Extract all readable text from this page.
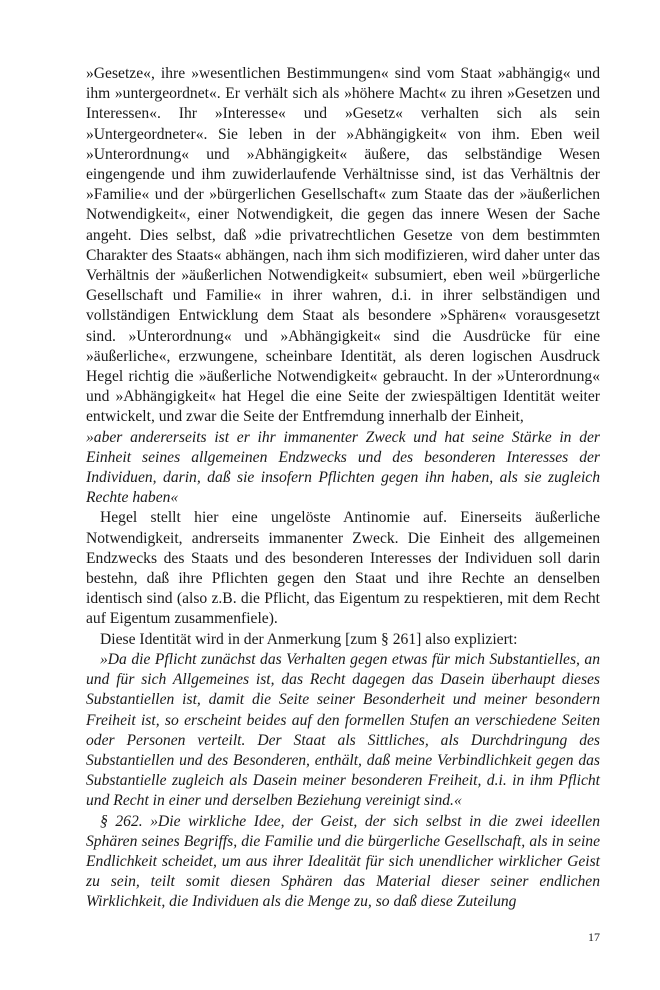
»Gesetze«, ihre »wesentlichen Bestimmungen« sind vom Staat »abhängig« und ihm »untergeordnet«. Er verhält sich als »höhere Macht« zu ihren »Gesetzen und Interessen«. Ihr »Interesse« und »Gesetz« verhalten sich als sein »Untergeordneter«. Sie leben in der »Abhängigkeit« von ihm. Eben weil »Unterordnung« und »Abhängigkeit« äußere, das selbständige Wesen eingengende und ihm zuwiderlaufende Verhältnisse sind, ist das Verhältnis der »Familie« und der »bürgerlichen Gesellschaft« zum Staate das der »äußerlichen Notwendigkeit«, einer Notwendigkeit, die gegen das innere Wesen der Sache angeht. Dies selbst, daß »die privatrechtlichen Gesetze von dem bestimmten Charakter des Staats« abhängen, nach ihm sich modifizieren, wird daher unter das Verhältnis der »äußerlichen Notwendigkeit« subsumiert, eben weil »bürgerliche Gesellschaft und Familie« in ihrer wahren, d.i. in ihrer selbständigen und vollständigen Entwicklung dem Staat als besondere »Sphären« vorausgesetzt sind. »Unterordnung« und »Abhängigkeit« sind die Ausdrücke für eine »äußerliche«, erzwungene, scheinbare Identität, als deren logischen Ausdruck Hegel richtig die »äußerliche Notwendigkeit« gebraucht. In der »Unterordnung« und »Abhängigkeit« hat Hegel die eine Seite der zwiespältigen Identität weiter entwickelt, und zwar die Seite der Entfremdung innerhalb der Einheit,

»aber andererseits ist er ihr immanenter Zweck und hat seine Stärke in der Einheit seines allgemeinen Endzwecks und des besonderen Interesses der Individuen, darin, daß sie insofern Pflichten gegen ihn haben, als sie zugleich Rechte haben«

Hegel stellt hier eine ungelöste Antinomie auf. Einerseits äußerliche Notwendigkeit, andrerseits immanenter Zweck. Die Einheit des allgemeinen Endzwecks des Staats und des besonderen Interesses der Individuen soll darin bestehn, daß ihre Pflichten gegen den Staat und ihre Rechte an denselben identisch sind (also z.B. die Pflicht, das Eigentum zu respektieren, mit dem Recht auf Eigentum zusammenfiele).

Diese Identität wird in der Anmerkung [zum § 261] also expliziert:

»Da die Pflicht zunächst das Verhalten gegen etwas für mich Substantielles, an und für sich Allgemeines ist, das Recht dagegen das Dasein überhaupt dieses Substantiellen ist, damit die Seite seiner Besonderheit und meiner besondern Freiheit ist, so erscheint beides auf den formellen Stufen an verschiedene Seiten oder Personen verteilt. Der Staat als Sittliches, als Durchdringung des Substantiellen und des Besonderen, enthält, daß meine Verbindlichkeit gegen das Substantielle zugleich als Dasein meiner besonderen Freiheit, d.i. in ihm Pflicht und Recht in einer und derselben Beziehung vereinigt sind.«

§ 262. »Die wirkliche Idee, der Geist, der sich selbst in die zwei ideellen Sphären seines Begriffs, die Familie und die bürgerliche Gesellschaft, als in seine Endlichkeit scheidet, um aus ihrer Idealität für sich unendlicher wirklicher Geist zu sein, teilt somit diesen Sphären das Material dieser seiner endlichen Wirklichkeit, die Individuen als die Menge zu, so daß diese Zuteilung

17
